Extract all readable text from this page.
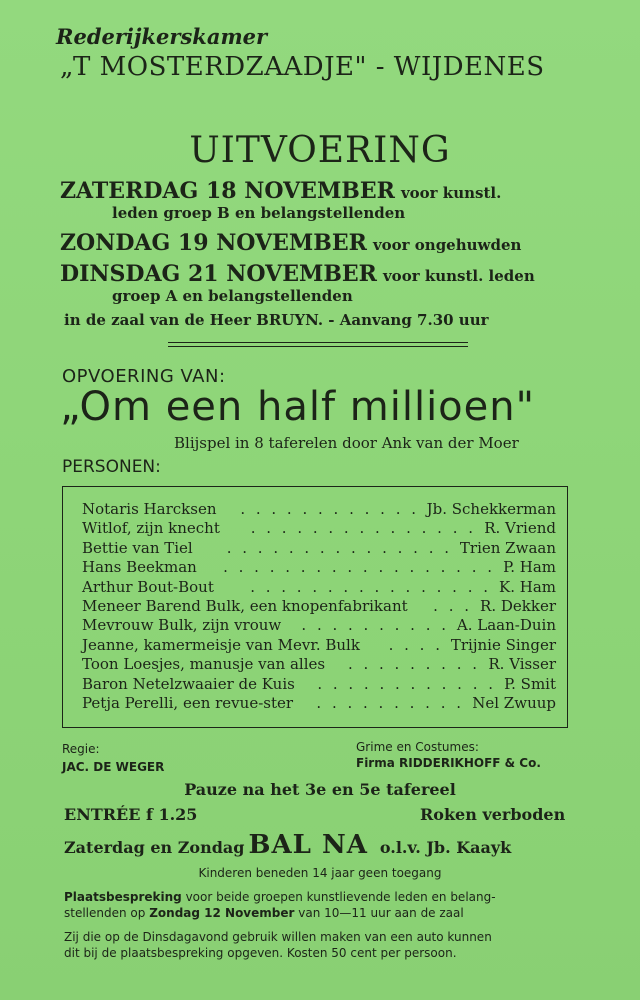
Rederijkerskamer
„T MOSTERDZAADJE" - WIJDENES
UITVOERING
ZATERDAG 18 NOVEMBER voor kunstl.
leden groep B en belangstellenden
ZONDAG 19 NOVEMBER voor ongehuwden
DINSDAG 21 NOVEMBER voor kunstl. leden
groep A en belangstellenden
in de zaal van de Heer BRUYN. - Aanvang 7.30 uur
OPVOERING VAN:
„Om een half millioen"
Blijspel in 8 taferelen door Ank van der Moer
PERSONEN:
Notaris Harcksen	Jb. Schekkerman
. . . . . . . . . . . .
Witlof, zijn knecht	R. Vriend
. . . . . . . . . . . . . . .
Bettie van Tiel	Trien Zwaan
. . . . . . . . . . . . . . .
Hans Beekman	P. Ham
. . . . . . . . . . . . . . . . . .
Arthur Bout-Bout	K. Ham
. . . . . . . . . . . . . . . .
Meneer Barend Bulk, een knopenfabrikant	R. Dekker
. . .
Mevrouw Bulk, zijn vrouw	A. Laan-Duin
. . . . . . . . . .
Jeanne, kamermeisje van Mevr. Bulk	Trijnie Singer
. . . .
Toon Loesjes, manusje van alles	R. Visser
. . . . . . . . .
Baron Netelzwaaier de Kuis	P. Smit
. . . . . . . . . . . .
Petja Perelli, een revue-ster	Nel Zwuup
. . . . . . . . . .
Regie:
JAC. DE WEGER
Grime en Costumes:
Firma RIDDERIKHOFF & Co.
Pauze na het 3e en 5e tafereel
ENTRÉE f 1.25	Roken verboden
Zaterdag en Zondag BAL NA o.l.v. Jb. Kaayk
Kinderen beneden 14 jaar geen toegang
Plaatsbespreking voor beide groepen kunstlievende leden en belang-
stellenden op Zondag 12 November van 10—11 uur aan de zaal
Zij die op de Dinsdagavond gebruik willen maken van een auto kunnen
dit bij de plaatsbespreking opgeven. Kosten 50 cent per persoon.
